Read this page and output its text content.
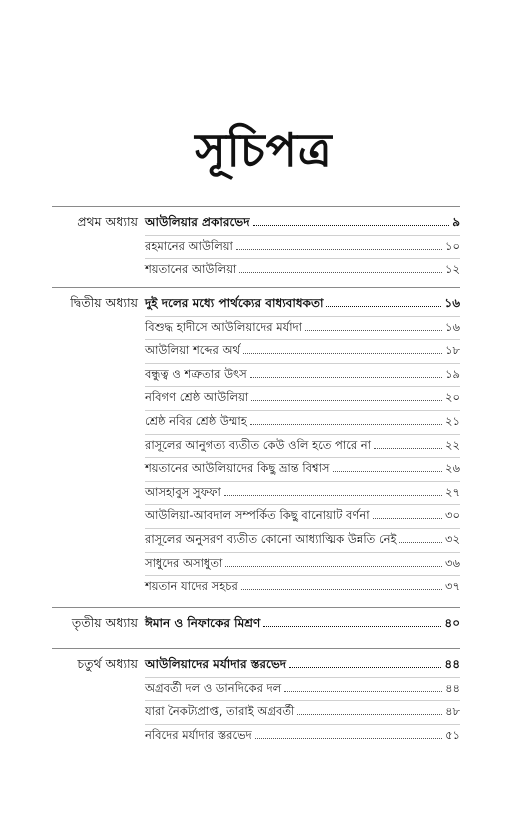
সূচিপত্র
প্রথম অধ্যায় আউলিয়ার প্রকারভেদ	৯
রহমানের আউলিয়া	১০
শয়তানের আউলিয়া	১২
দ্বিতীয় অধ্যায় দুই দলের মধ্যে পার্থক্যের বাধ্যবাধকতা	১৬
বিশুদ্ধ হাদীসে আউলিয়াদের মর্যাদা	১৬
আউলিয়া শব্দের অর্থ	১৮
বন্ধুত্ব ও শত্রুতার উৎস	১৯
নবিগণ শ্রেষ্ঠ আউলিয়া	২০
শ্রেষ্ঠ নবির শ্রেষ্ঠ উম্মাহ	২১
রাসূলের আনুগত্য ব্যতীত কেউ ওলি হতে পারে না	২২
শয়তানের আউলিয়াদের কিছু ভ্রান্ত বিশ্বাস	২৬
আসহাবুস সুফফা	২৭
আউলিয়া-আবদাল সম্পর্কিত কিছু বানোয়াট বর্ণনা	৩০
রাসূলের অনুসরণ ব্যতীত কোনো আধ্যাত্মিক উন্নতি নেই	৩২
সাধুদের অসাধুতা	৩৬
শয়তান যাদের সহচর	৩৭
তৃতীয় অধ্যায় ঈমান ও নিফাকের মিশ্রণ	৪০
চতুর্থ অধ্যায় আউলিয়াদের মর্যাদার স্তরভেদ	৪৪
অগ্রবর্তী দল ও ডানদিকের দল	৪৪
যারা নৈকট্যপ্রাপ্ত, তারাই অগ্রবর্তী	৪৮
নবিদের মর্যাদার স্তরভেদ	৫১
